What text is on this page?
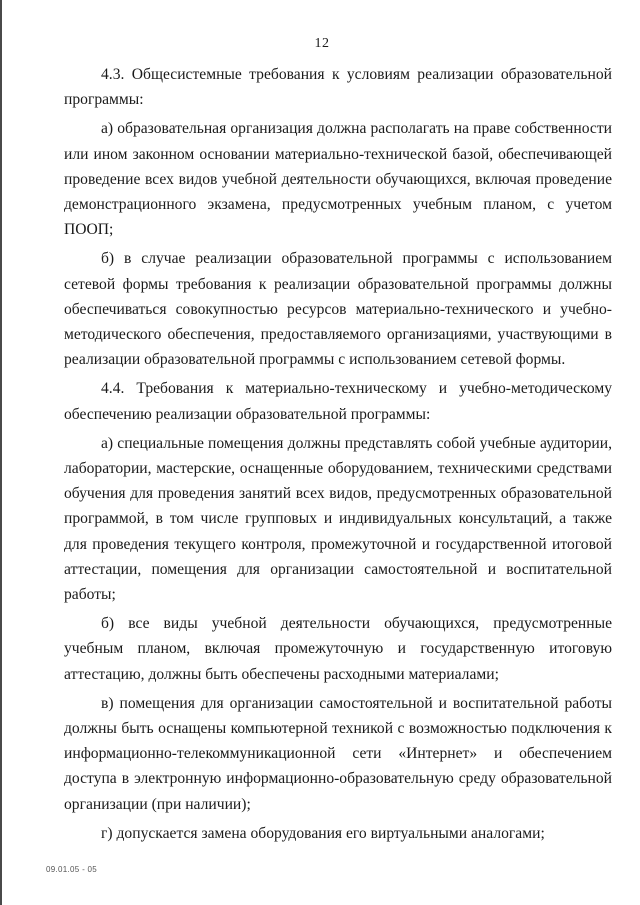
12

4.3. Общесистемные требования к условиям реализации образовательной программы:

а) образовательная организация должна располагать на праве собственности или ином законном основании материально-технической базой, обеспечивающей проведение всех видов учебной деятельности обучающихся, включая проведение демонстрационного экзамена, предусмотренных учебным планом, с учетом ПООП;

б) в случае реализации образовательной программы с использованием сетевой формы требования к реализации образовательной программы должны обеспечиваться совокупностью ресурсов материально-технического и учебно-методического обеспечения, предоставляемого организациями, участвующими в реализации образовательной программы с использованием сетевой формы.

4.4. Требования к материально-техническому и учебно-методическому обеспечению реализации образовательной программы:

а) специальные помещения должны представлять собой учебные аудитории, лаборатории, мастерские, оснащенные оборудованием, техническими средствами обучения для проведения занятий всех видов, предусмотренных образовательной программой, в том числе групповых и индивидуальных консультаций, а также для проведения текущего контроля, промежуточной и государственной итоговой аттестации, помещения для организации самостоятельной и воспитательной работы;

б) все виды учебной деятельности обучающихся, предусмотренные учебным планом, включая промежуточную и государственную итоговую аттестацию, должны быть обеспечены расходными материалами;

в) помещения для организации самостоятельной и воспитательной работы должны быть оснащены компьютерной техникой с возможностью подключения к информационно-телекоммуникационной сети «Интернет» и обеспечением доступа в электронную информационно-образовательную среду образовательной организации (при наличии);

г) допускается замена оборудования его виртуальными аналогами;

09.01.05 - 05
